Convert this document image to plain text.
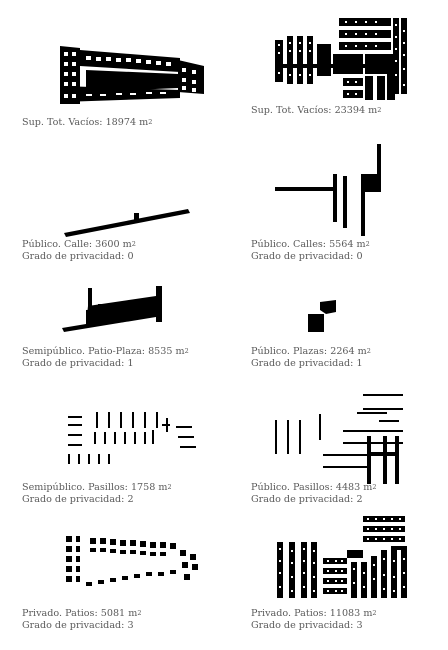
Sup. Tot. Vacíos: 18974 $m^2$
Sup. Tot. Vacíos: 23394 $m^2$
Público. Calle: 3600 $m^2$
Grado de privacidad: 0
Público. Calles: 5564 $m^2$
Grado de privacidad: 0
Semipúblico. Patio-Plaza: 8535 $m^2$
Grado de privacidad: 1
Público. Plazas: 2264 $m^2$
Grado de privacidad: 1
Semipúblico. Pasillos: 1758 $m^2$
Grado de privacidad: 2
Público. Pasillos: 4483 $m^2$
Grado de privacidad: 2
Privado. Patios: 5081 $m^2$
Grado de privacidad: 3
Privado. Patios: 11083 $m^2$
Grado de privacidad: 3
